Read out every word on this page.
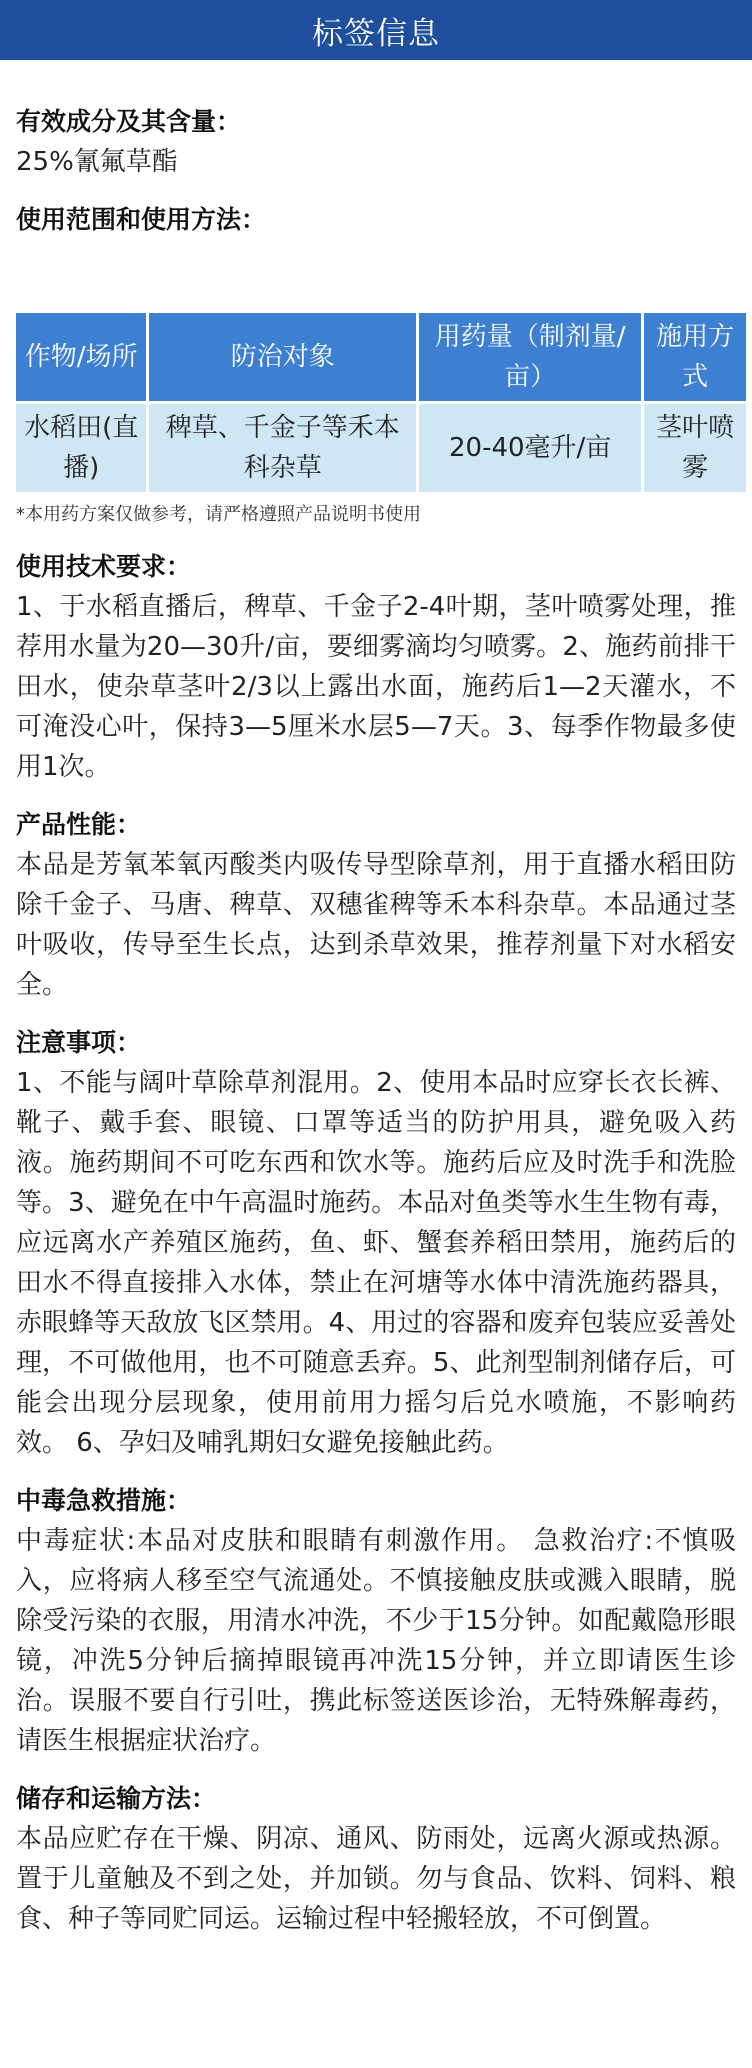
标签信息
有效成分及其含量：
25%氰氟草酯
使用范围和使用方法：
作物/场所	防治对象	用药量（制剂量/亩）	施用方式
水稻田(直播)	稗草、千金子等禾本科杂草	20-40毫升/亩	茎叶喷雾
*本用药方案仅做参考，请严格遵照产品说明书使用
使用技术要求：
1、于水稻直播后，稗草、千金子2-4叶期，茎叶喷雾处理，推荐用水量为20—30升/亩，要细雾滴均匀喷雾。2、施药前排干田水，使杂草茎叶2/3以上露出水面，施药后1—2天灌水，不可淹没心叶，保持3—5厘米水层5—7天。3、每季作物最多使用1次。
产品性能：
本品是芳氧苯氧丙酸类内吸传导型除草剂，用于直播水稻田防除千金子、马唐、稗草、双穗雀稗等禾本科杂草。本品通过茎叶吸收，传导至生长点，达到杀草效果，推荐剂量下对水稻安全。
注意事项：
1、不能与阔叶草除草剂混用。2、使用本品时应穿长衣长裤、靴子、戴手套、眼镜、口罩等适当的防护用具，避免吸入药液。施药期间不可吃东西和饮水等。施药后应及时洗手和洗脸等。3、避免在中午高温时施药。本品对鱼类等水生生物有毒，应远离水产养殖区施药，鱼、虾、蟹套养稻田禁用，施药后的田水不得直接排入水体，禁止在河塘等水体中清洗施药器具，赤眼蜂等天敌放飞区禁用。4、用过的容器和废弃包装应妥善处理，不可做他用，也不可随意丢弃。5、此剂型制剂储存后，可能会出现分层现象，使用前用力摇匀后兑水喷施，不影响药效。 6、孕妇及哺乳期妇女避免接触此药。
中毒急救措施：
中毒症状:本品对皮肤和眼睛有刺激作用。 急救治疗:不慎吸入，应将病人移至空气流通处。不慎接触皮肤或溅入眼睛，脱除受污染的衣服，用清水冲洗，不少于15分钟。如配戴隐形眼镜，冲洗5分钟后摘掉眼镜再冲洗15分钟，并立即请医生诊治。误服不要自行引吐，携此标签送医诊治，无特殊解毒药，请医生根据症状治疗。
储存和运输方法：
本品应贮存在干燥、阴凉、通风、防雨处，远离火源或热源。置于儿童触及不到之处，并加锁。勿与食品、饮料、饲料、粮食、种子等同贮同运。运输过程中轻搬轻放，不可倒置。
